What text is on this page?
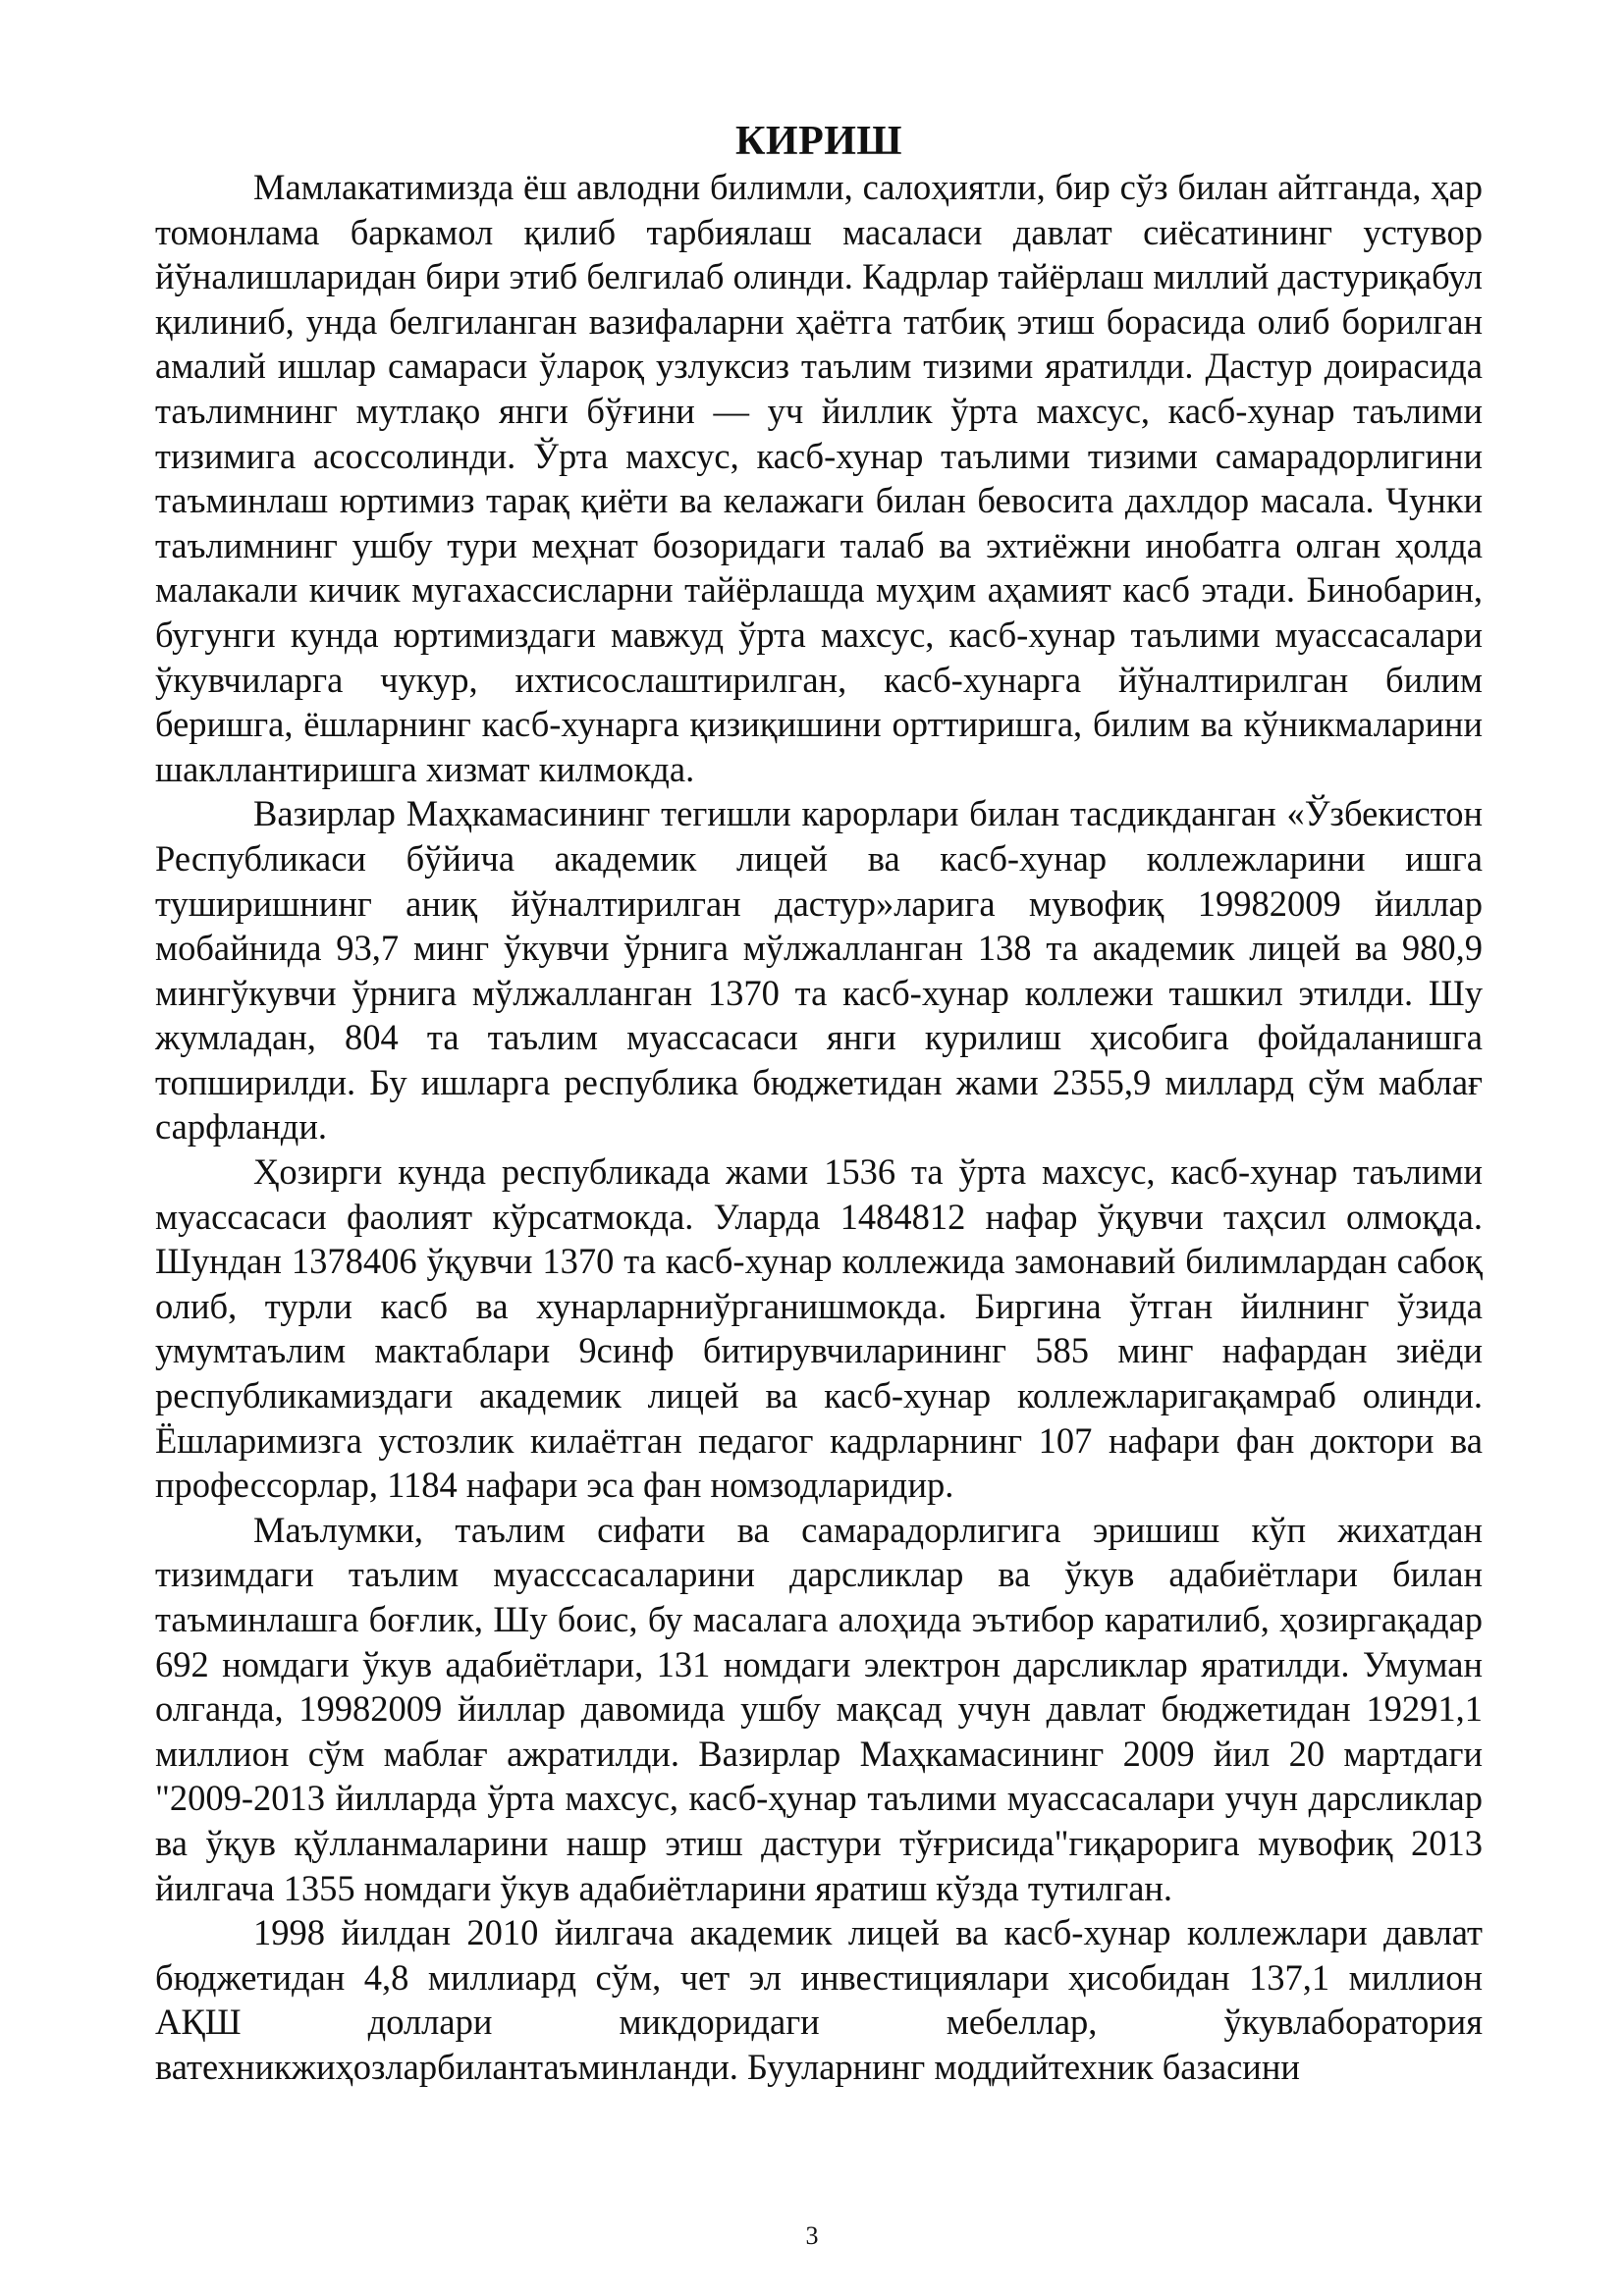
КИРИШ

Мамлакатимизда ёш авлодни билимли, салоҳиятли, бир сўз билан айтганда, ҳар томонлама баркамол қилиб тарбиялаш масаласи давлат сиёсатининг устувор йўналишларидан бири этиб белгилаб олинди. Кадрлар тайёрлаш миллий дастуриқабул қилиниб, унда белгиланган вазифаларни ҳаётга татбиқ этиш борасида олиб борилган амалий ишлар самараси ўлароқ узлуксиз таълим тизими яратилди. Дастур доирасида таълимнинг мутлақо янги бўғини — уч йиллик ўрта махсус, касб-хунар таълими тизимига асоссолинди. Ўрта махсус, касб-хунар таълими тизими самарадорлигини таъминлаш юртимиз тарақ қиёти ва келажаги билан бевосита дахлдор масала. Чунки таълимнинг ушбу тури меҳнат бозоридаги талаб ва эхтиёжни инобатга олган ҳолда малакали кичик мугахассисларни тайёрлашда муҳим аҳамият касб этади. Бинобарин, бугунги кунда юртимиздаги мавжуд ўрта махсус, касб-хунар таълими муассасалари ўкувчиларга чукур, ихтисослаштирилган, касб-хунарга йўналтирилган билим беришга, ёшларнинг касб-хунарга қизиқишини орттиришга, билим ва кўникмаларини шакллантиришга хизмат килмокда.

Вазирлар Маҳкамасининг тегишли карорлари билан тасдикданган «Ўзбекистон Республикаси бўйича академик лицей ва касб-хунар коллежларини ишга туширишнинг аниқ йўналтирилган дастур»ларига мувофиқ 19982009 йиллар мобайнида 93,7 минг ўкувчи ўрнига мўлжалланган 138 та академик лицей ва 980,9 мингўкувчи ўрнига мўлжалланган 1370 та касб-хунар коллежи ташкил этилди. Шу жумладан, 804 та таълим муассасаси янги курилиш ҳисобига фойдаланишга топширилди. Бу ишларга республика бюджетидан жами 2355,9 миллард сўм маблағ сарфланди.

Ҳозирги кунда республикада жами 1536 та ўрта махсус, касб-хунар таълими муассасаси фаолият кўрсатмокда. Уларда 1484812 нафар ўқувчи таҳсил олмоқда. Шундан 1378406 ўқувчи 1370 та касб-хунар коллежида замонавий билимлардан сабоқ олиб, турли касб ва хунарларниўрганишмокда. Биргина ўтган йилнинг ўзида умумтаълим мактаблари 9синф битирувчиларининг 585 минг нафардан зиёди республикамиздаги академик лицей ва касб-хунар коллежларигақамраб олинди. Ёшларимизга устозлик килаётган педагог кадрларнинг 107 нафари фан доктори ва профессорлар, 1184 нафари эса фан номзодларидир.

Маълумки, таълим сифати ва самарадорлигига эришиш кўп жихатдан тизимдаги таълим муасссасаларини дарсликлар ва ўкув адабиётлари билан таъминлашга боғлик, Шу боис, бу масалага алоҳида эътибор каратилиб, ҳозиргақадар 692 номдаги ўкув адабиётлари, 131 номдаги электрон дарсликлар яратилди. Умуман олганда, 19982009 йиллар давомида ушбу мақсад учун давлат бюджетидан 19291,1 миллион сўм маблағ ажратилди. Вазирлар Маҳкамасининг 2009 йил 20 мартдаги "2009-2013 йилларда ўрта махсус, касб-ҳунар таълими муассасалари учун дарсликлар ва ўқув қўлланмаларини нашр этиш дастури тўғрисида"гиқарорига мувофиқ 2013 йилгача 1355 номдаги ўкув адабиётларини яратиш кўзда тутилган.

1998 йилдан 2010 йилгача академик лицей ва касб-хунар коллежлари давлат бюджетидан 4,8 миллиард сўм, чет эл инвестициялари ҳисобидан 137,1 миллион АҚШ доллари микдоридаги мебеллар, ўкувлаборатория ватехникжиҳозларбилантаъминланди. Бууларнинг моддийтехник базасини

3
